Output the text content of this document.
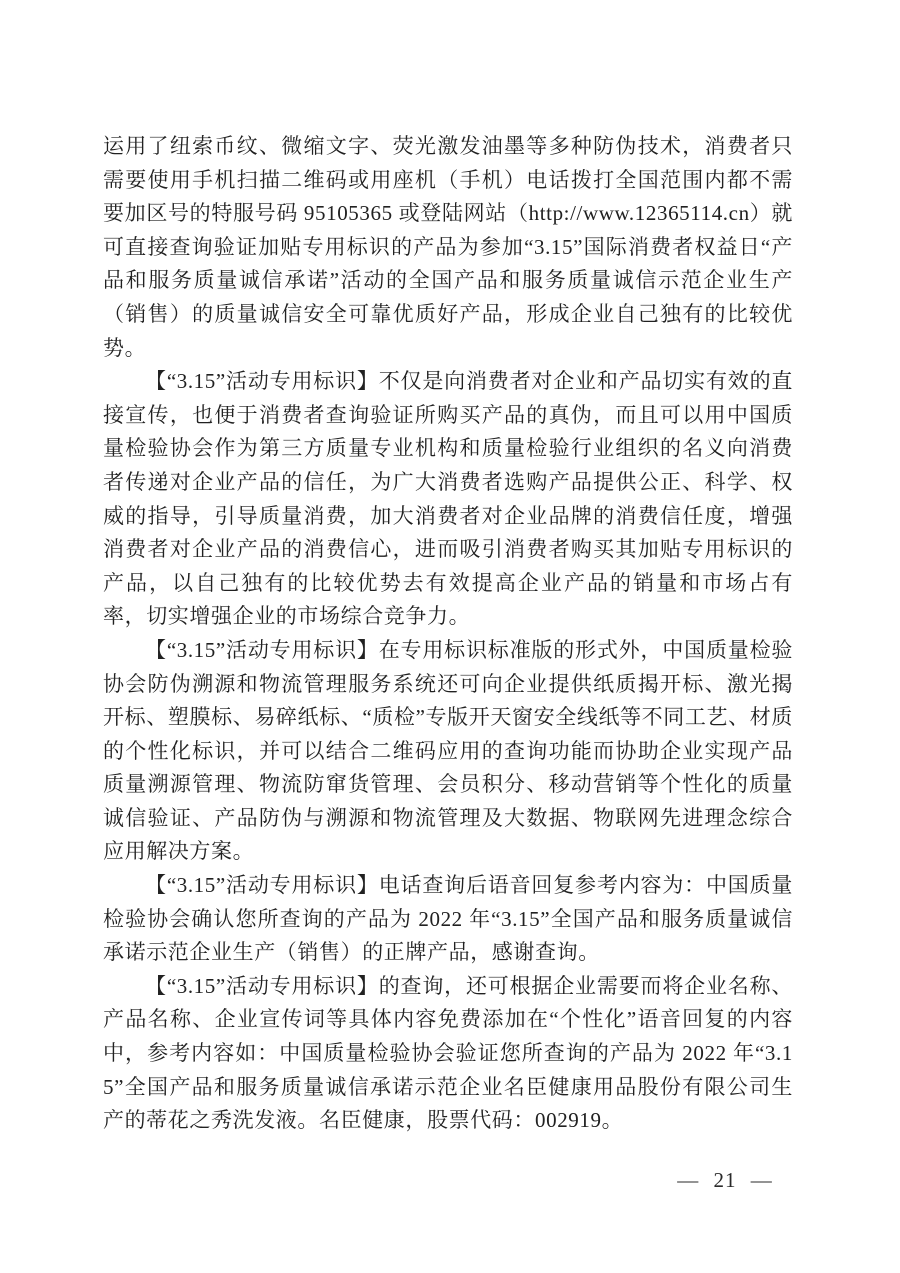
运用了纽索币纹、微缩文字、荧光激发油墨等多种防伪技术，消费者只需要使用手机扫描二维码或用座机（手机）电话拨打全国范围内都不需要加区号的特服号码 95105365 或登陆网站（http://www.12365114.cn）就可直接查询验证加贴专用标识的产品为参加“3.15”国际消费者权益日“产品和服务质量诚信承诺”活动的全国产品和服务质量诚信示范企业生产（销售）的质量诚信安全可靠优质好产品，形成企业自己独有的比较优势。

【“3.15”活动专用标识】不仅是向消费者对企业和产品切实有效的直接宣传，也便于消费者查询验证所购买产品的真伪，而且可以用中国质量检验协会作为第三方质量专业机构和质量检验行业组织的名义向消费者传递对企业产品的信任，为广大消费者选购产品提供公正、科学、权威的指导，引导质量消费，加大消费者对企业品牌的消费信任度，增强消费者对企业产品的消费信心，进而吸引消费者购买其加贴专用标识的产品，以自己独有的比较优势去有效提高企业产品的销量和市场占有率，切实增强企业的市场综合竞争力。

【“3.15”活动专用标识】在专用标识标准版的形式外，中国质量检验协会防伪溯源和物流管理服务系统还可向企业提供纸质揭开标、激光揭开标、塑膜标、易碎纸标、“质检”专版开天窗安全线纸等不同工艺、材质的个性化标识，并可以结合二维码应用的查询功能而协助企业实现产品质量溯源管理、物流防窜货管理、会员积分、移动营销等个性化的质量诚信验证、产品防伪与溯源和物流管理及大数据、物联网先进理念综合应用解决方案。

【“3.15”活动专用标识】电话查询后语音回复参考内容为：中国质量检验协会确认您所查询的产品为 2022 年“3.15”全国产品和服务质量诚信承诺示范企业生产（销售）的正牌产品，感谢查询。

【“3.15”活动专用标识】的查询，还可根据企业需要而将企业名称、产品名称、企业宣传词等具体内容免费添加在“个性化”语音回复的内容中，参考内容如：中国质量检验协会验证您所查询的产品为 2022 年“3.15”全国产品和服务质量诚信承诺示范企业名臣健康用品股份有限公司生产的蒂花之秀洗发液。名臣健康，股票代码：002919。

— 21 —
